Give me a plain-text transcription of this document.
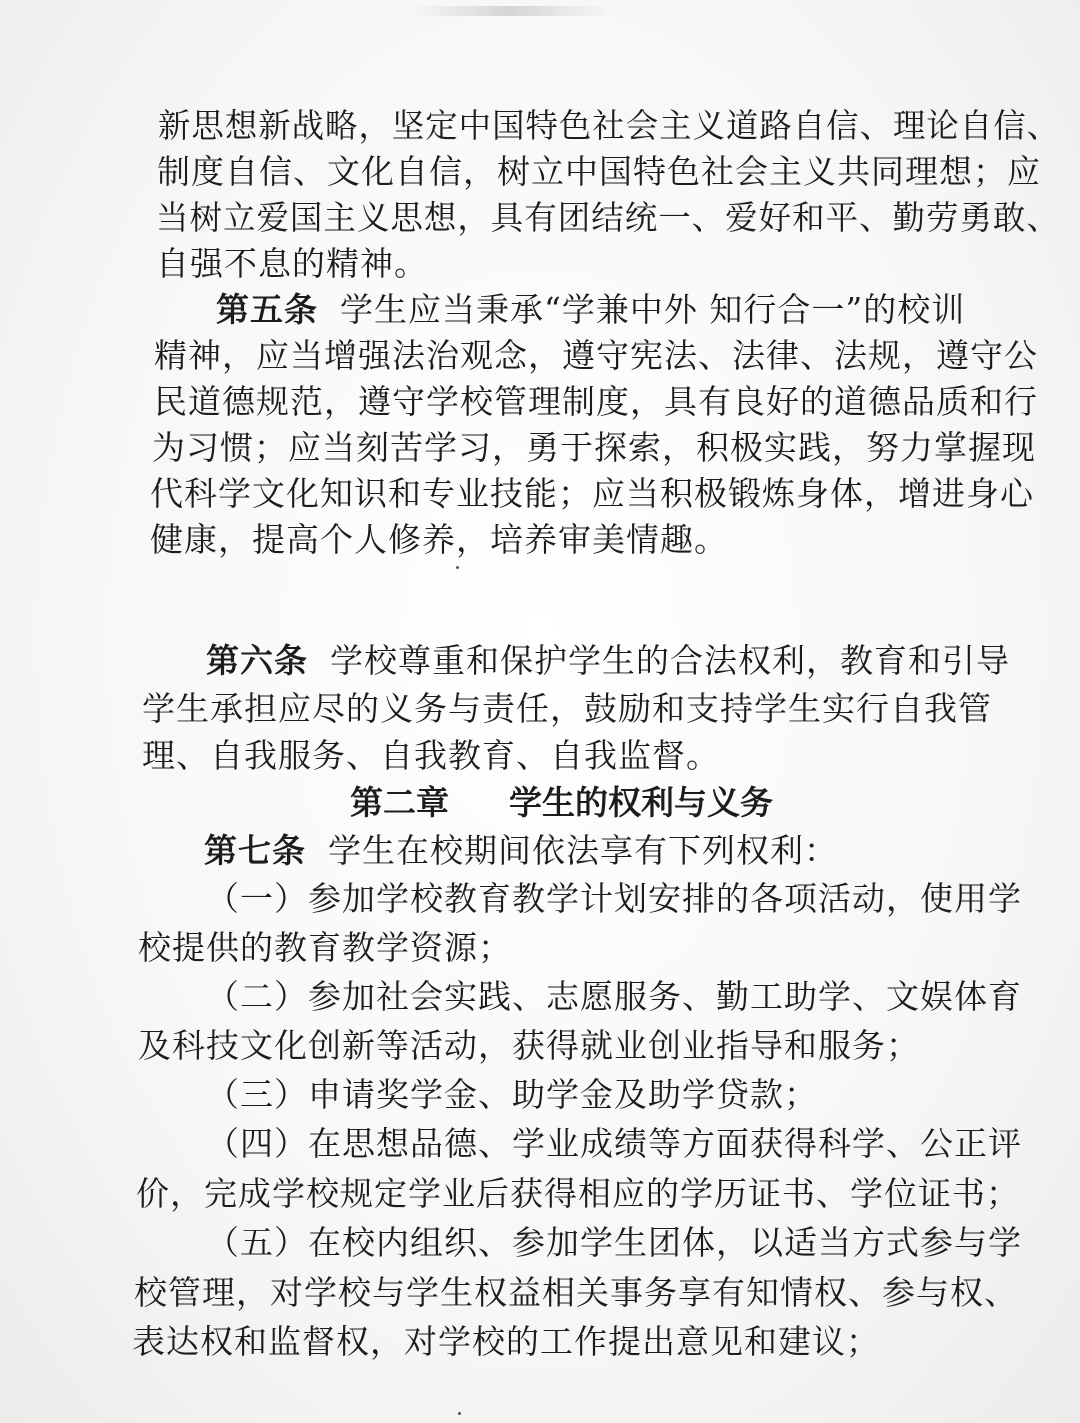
新思想新战略，坚定中国特色社会主义道路自信、理论自信、
制度自信、文化自信，树立中国特色社会主义共同理想；应
当树立爱国主义思想，具有团结统一、爱好和平、勤劳勇敢、
自强不息的精神。
第五条 学生应当秉承“学兼中外 知行合一”的校训
精神，应当增强法治观念，遵守宪法、法律、法规，遵守公
民道德规范，遵守学校管理制度，具有良好的道德品质和行
为习惯；应当刻苦学习，勇于探索，积极实践，努力掌握现
代科学文化知识和专业技能；应当积极锻炼身体，增进身心
健康，提高个人修养，培养审美情趣。
第六条 学校尊重和保护学生的合法权利，教育和引导
学生承担应尽的义务与责任，鼓励和支持学生实行自我管
理、自我服务、自我教育、自我监督。
第二章 学生的权利与义务
第七条 学生在校期间依法享有下列权利：
（一）参加学校教育教学计划安排的各项活动，使用学
校提供的教育教学资源；
（二）参加社会实践、志愿服务、勤工助学、文娱体育
及科技文化创新等活动，获得就业创业指导和服务；
（三）申请奖学金、助学金及助学贷款；
（四）在思想品德、学业成绩等方面获得科学、公正评
价，完成学校规定学业后获得相应的学历证书、学位证书；
（五）在校内组织、参加学生团体，以适当方式参与学
校管理，对学校与学生权益相关事务享有知情权、参与权、
表达权和监督权，对学校的工作提出意见和建议；
